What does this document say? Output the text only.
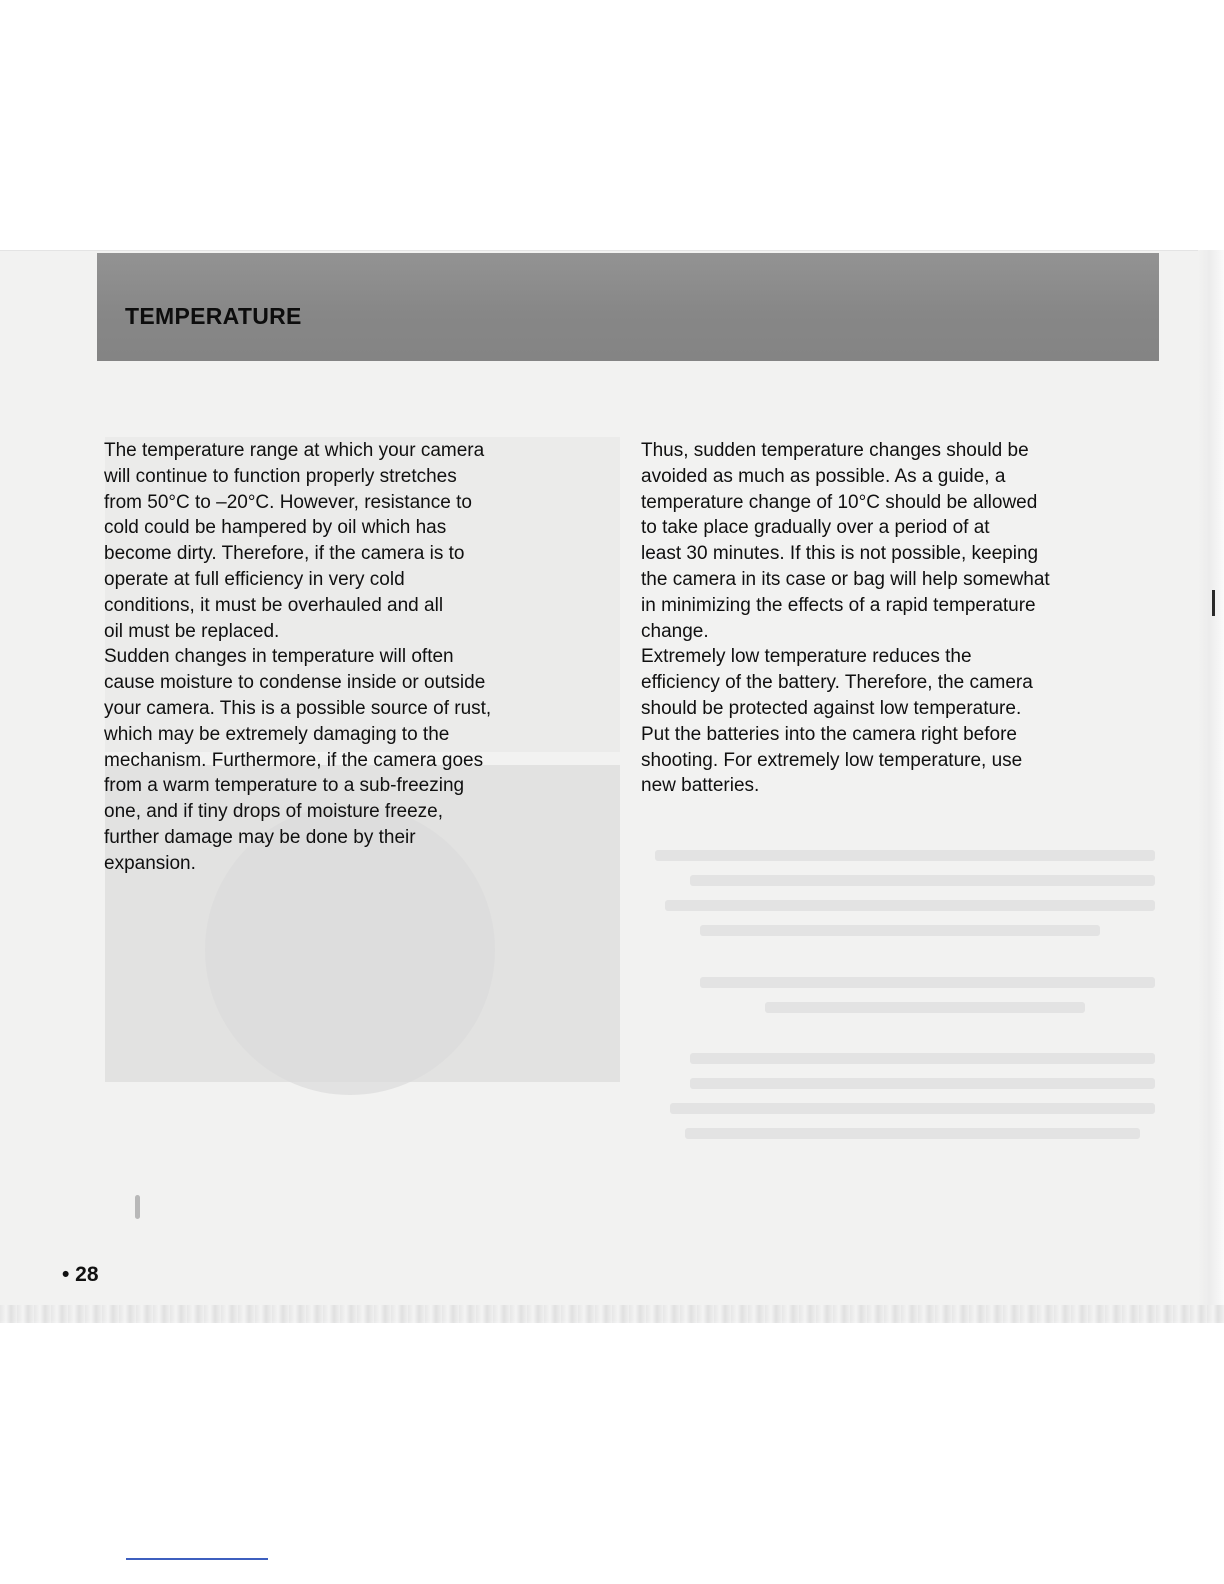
TEMPERATURE

The temperature range at which your camera
will continue to function properly stretches
from 50°C to –20°C. However, resistance to
cold could be hampered by oil which has
become dirty. Therefore, if the camera is to
operate at full efficiency in very cold
conditions, it must be overhauled and all
oil must be replaced.

Sudden changes in temperature will often
cause moisture to condense inside or outside
your camera. This is a possible source of rust,
which may be extremely damaging to the
mechanism. Furthermore, if the camera goes
from a warm temperature to a sub-freezing
one, and if tiny drops of moisture freeze,
further damage may be done by their
expansion.

Thus, sudden temperature changes should be
avoided as much as possible. As a guide, a
temperature change of 10°C should be allowed
to take place gradually over a period of at
least 30 minutes. If this is not possible, keeping
the camera in its case or bag will help somewhat
in minimizing the effects of a rapid temperature
change.

Extremely low temperature reduces the
efficiency of the battery. Therefore, the camera
should be protected against low temperature.
Put the batteries into the camera right before
shooting. For extremely low temperature, use
new batteries.

• 28
